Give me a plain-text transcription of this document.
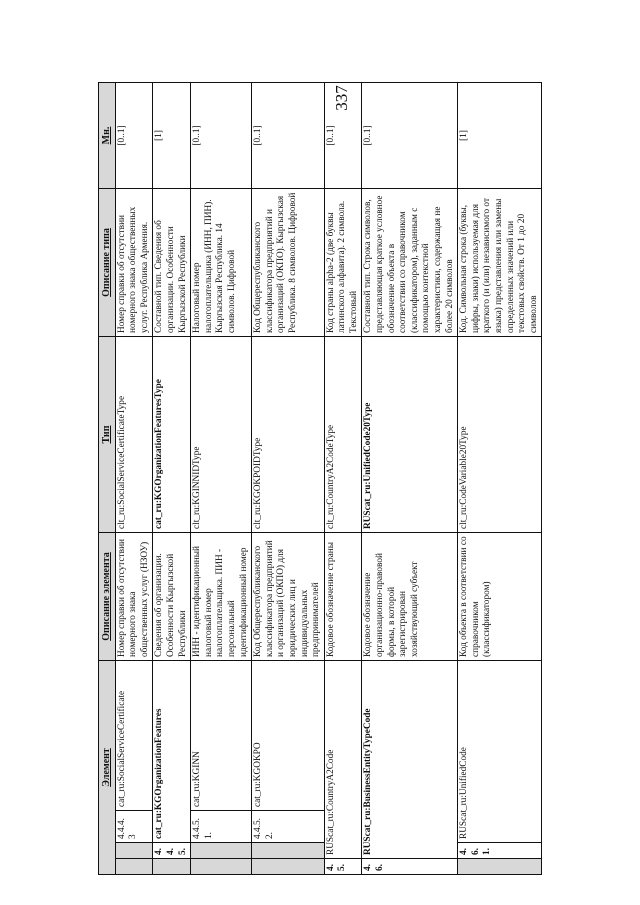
337
Элемент				Описание элемента	Тип	Описание типа	Мн.
		4.4.4.3	cat_ru:SocialServiceCertificate	Номер справки об отсутствии номерного знака общественных услуг (НЗОУ)	clt_ru:SocialServiceCertificateType	Номер справки об отсутствии номерного знака общественных услуг. Республика Армения.	[0..1]
	4.4.5.	cat_ru:KGOrganizationFeatures		Сведения об организации. Особенности Кыргызской Республики	cat_ru:KGOrganizationFeaturesType	Составной тип. Сведения об организации. Особенности Кыргызской Республики	[1]
		4.4.5.1.	cat_ru:KGINN	ИНН - идентификационный налоговый номер налогоплательщика. ПИН - персональный идентификационный номер	clt_ru:KGINNIDType	Налоговый номер налогоплательщика (ИНН, ПИН). Кыргызская Республика. 14 символов. Цифровой	[0..1]
		4.4.5.2.	cat_ru:KGOKPO	Код Общереспубликанского классификатора предприятий и организаций (ОКПО) для юридических лиц и индивидуальных предпринимателей	clt_ru:KGOKPOIDType	Код Общереспубликанского классификатора предприятий и организаций (ОКПО). Кыргызская Республика. 8 символов. Цифровой	[0..1]
4.5.	RUScat_ru:CountryA2Code			Кодовое обозначение страны	clt_ru:CountryA2CodeType	Код страны alpha-2 (две буквы латинского алфавита). 2 символа. Текстовый	[0..1]
4.6.	RUScat_ru:BusinessEntityTypeCode			Кодовое обозначение организационно-правовой формы, в которой зарегистрирован хозяйствующий субъект	RUScat_ru:UnifiedCode20Type	Составной тип. Строка символов, представляющая краткое условное обозначение объекта в соответствии со справочником (классификатором), заданным с помощью контекстной характеристики, содержащая не более 20 символов	[0..1]
	4.6.1.	RUScat_ru:UnifiedCode		Код объекта в соответствии со справочником (классификатором)	clt_ru:CodeVariable20Type	Код. Символьная строка (буквы, цифры, знаки) используемая для краткого (и (или) независимого от языка) представления или замены определенных значений или текстовых свойств. От 1 до 20 символов	[1]
